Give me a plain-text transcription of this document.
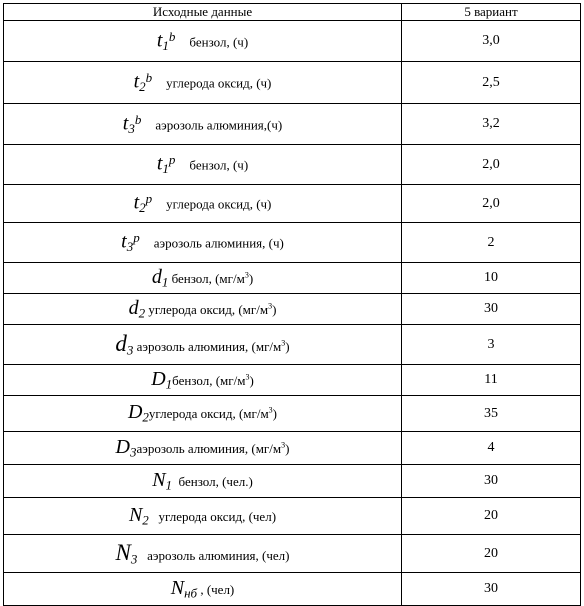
Исходные данные	5 вариант
$t_1^b$ бензол, (ч)	3,0
$t_2^b$ углерода оксид, (ч)	2,5
$t_3^b$ аэрозоль алюминия,(ч)	3,2
$t_1^p$ бензол, (ч)	2,0
$t_2^p$ углерода оксид, (ч)	2,0
$t_3^p$ аэрозоль алюминия, (ч)	2
$d_1$ бензол, $(мг/м^3)$	10
$d_2$ углерода оксид, $(мг/м^3)$	30
$d_3$ аэрозоль алюминия, $(мг/м^3)$	3
$D_1бензол$, $(мг/м^3)$	11
$D_2углерода$ оксид, $(мг/м^3)$	35
$D_3аэрозоль$ алюминия, $(мг/м^3)$	4
$N_1$ бензол, (чел.)	30
$N_2$ углерода оксид, (чел)	20
$N_3$ аэрозоль алюминия, (чел)	20
$N_{нб}$ , (чел)	30
